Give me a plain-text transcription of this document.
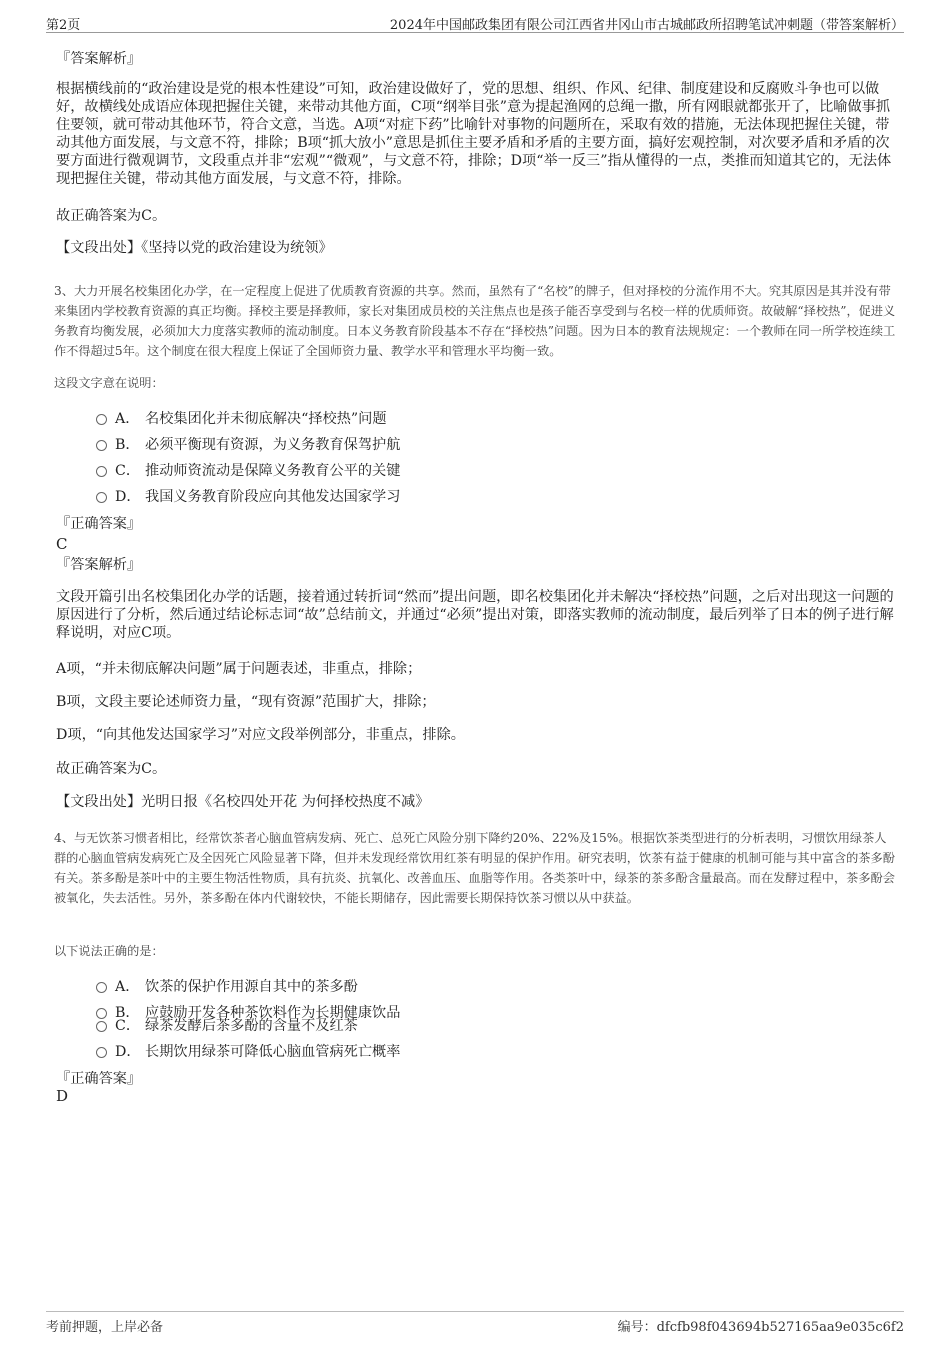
第2页	2024年中国邮政集团有限公司江西省井冈山市古城邮政所招聘笔试冲刺题（带答案解析）
『答案解析』
根据横线前的“政治建设是党的根本性建设”可知，政治建设做好了，党的思想、组织、作风、纪律、制度建设和反腐败斗争也可以做好，故横线处成语应体现把握住关键，来带动其他方面，C项“纲举目张”意为提起渔网的总绳一撒，所有网眼就都张开了，比喻做事抓住要领，就可带动其他环节，符合文意，当选。A项“对症下药”比喻针对事物的问题所在，采取有效的措施，无法体现把握住关键，带动其他方面发展，与文意不符，排除；B项“抓大放小”意思是抓住主要矛盾和矛盾的主要方面，搞好宏观控制，对次要矛盾和矛盾的次要方面进行微观调节，文段重点并非“宏观”“微观”，与文意不符，排除；D项“举一反三”指从懂得的一点，类推而知道其它的，无法体现把握住关键，带动其他方面发展，与文意不符，排除。
故正确答案为C。
【文段出处】《坚持以党的政治建设为统领》
3、大力开展名校集团化办学，在一定程度上促进了优质教育资源的共享。然而，虽然有了“名校”的牌子，但对择校的分流作用不大。究其原因是其并没有带来集团内学校教育资源的真正均衡。择校主要是择教师，家长对集团成员校的关注焦点也是孩子能否享受到与名校一样的优质师资。故破解“择校热”，促进义务教育均衡发展，必须加大力度落实教师的流动制度。日本义务教育阶段基本不存在“择校热”问题。因为日本的教育法规规定：一个教师在同一所学校连续工作不得超过5年。这个制度在很大程度上保证了全国师资力量、教学水平和管理水平均衡一致。
这段文字意在说明：
A． 名校集团化并未彻底解决“择校热”问题
B． 必须平衡现有资源，为义务教育保驾护航
C． 推动师资流动是保障义务教育公平的关键
D． 我国义务教育阶段应向其他发达国家学习
『正确答案』
C
『答案解析』
文段开篇引出名校集团化办学的话题，接着通过转折词“然而”提出问题，即名校集团化并未解决“择校热”问题，之后对出现这一问题的原因进行了分析，然后通过结论标志词“故”总结前文，并通过“必须”提出对策，即落实教师的流动制度，最后列举了日本的例子进行解释说明，对应C项。
A项，“并未彻底解决问题”属于问题表述，非重点，排除；
B项，文段主要论述师资力量，“现有资源”范围扩大，排除；
D项，“向其他发达国家学习”对应文段举例部分，非重点，排除。
故正确答案为C。
【文段出处】光明日报《名校四处开花 为何择校热度不减》
4、与无饮茶习惯者相比，经常饮茶者心脑血管病发病、死亡、总死亡风险分别下降约20%、22%及15%。根据饮茶类型进行的分析表明，习惯饮用绿茶人群的心脑血管病发病死亡及全因死亡风险显著下降，但并未发现经常饮用红茶有明显的保护作用。研究表明，饮茶有益于健康的机制可能与其中富含的茶多酚有关。茶多酚是茶叶中的主要生物活性物质，具有抗炎、抗氧化、改善血压、血脂等作用。各类茶叶中，绿茶的茶多酚含量最高。而在发酵过程中，茶多酚会被氧化，失去活性。另外，茶多酚在体内代谢较快，不能长期储存，因此需要长期保持饮茶习惯以从中获益。
以下说法正确的是：
A． 饮茶的保护作用源自其中的茶多酚
B． 应鼓励开发各种茶饮料作为长期健康饮品
C． 绿茶发酵后茶多酚的含量不及红茶
D． 长期饮用绿茶可降低心脑血管病死亡概率
『正确答案』
D
考前押题，上岸必备	编号：dfcfb98f043694b527165aa9e035c6f2
